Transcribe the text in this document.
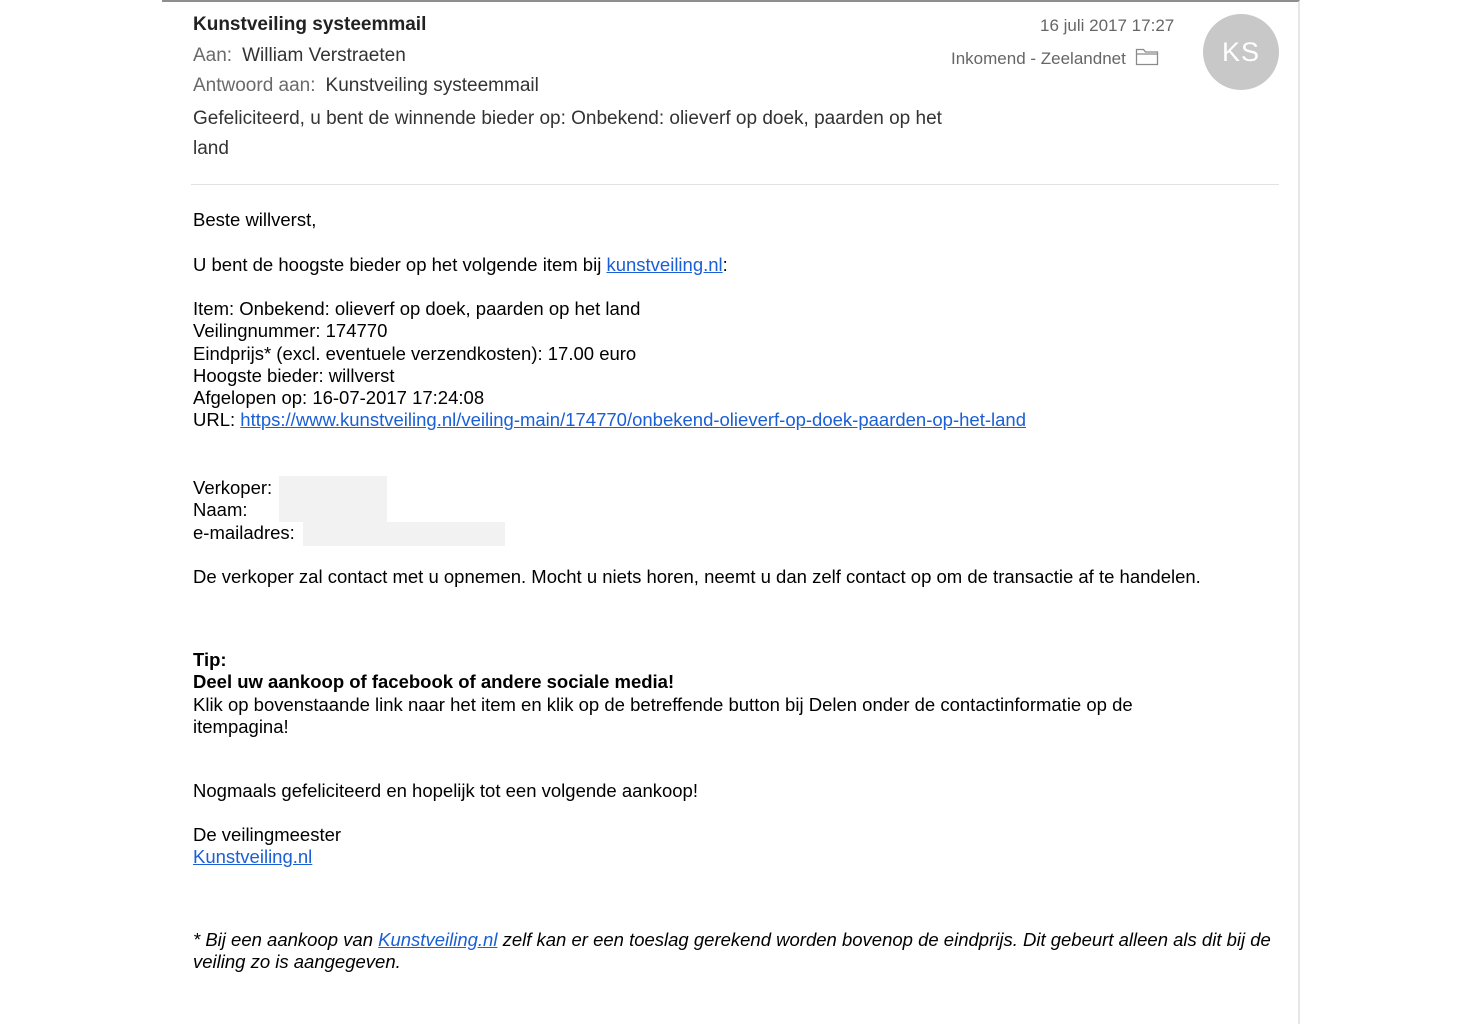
Kunstveiling systeemmail
Aan: William Verstraeten
Antwoord aan: Kunstveiling systeemmail
Gefeliciteerd, u bent de winnende bieder op: Onbekend: olieverf op doek, paarden op het land
16 juli 2017 17:27
Inkomend - Zeelandnet	KS
Beste willverst,
U bent de hoogste bieder op het volgende item bij kunstveiling.nl:
Item: Onbekend: olieverf op doek, paarden op het land
Veilingnummer: 174770
Eindprijs* (excl. eventuele verzendkosten): 17.00 euro
Hoogste bieder: willverst
Afgelopen op: 16-07-2017 17:24:08
URL: https://www.kunstveiling.nl/veiling-main/174770/onbekend-olieverf-op-doek-paarden-op-het-land
Verkoper:
Naam:
e-mailadres:
De verkoper zal contact met u opnemen. Mocht u niets horen, neemt u dan zelf contact op om de transactie af te handelen.
Tip:
Deel uw aankoop of facebook of andere sociale media!
Klik op bovenstaande link naar het item en klik op de betreffende button bij Delen onder de contactinformatie op de itempagina!
Nogmaals gefeliciteerd en hopelijk tot een volgende aankoop!
De veilingmeester
Kunstveiling.nl
* Bij een aankoop van Kunstveiling.nl zelf kan er een toeslag gerekend worden bovenop de eindprijs. Dit gebeurt alleen als dit bij de veiling zo is aangegeven.
